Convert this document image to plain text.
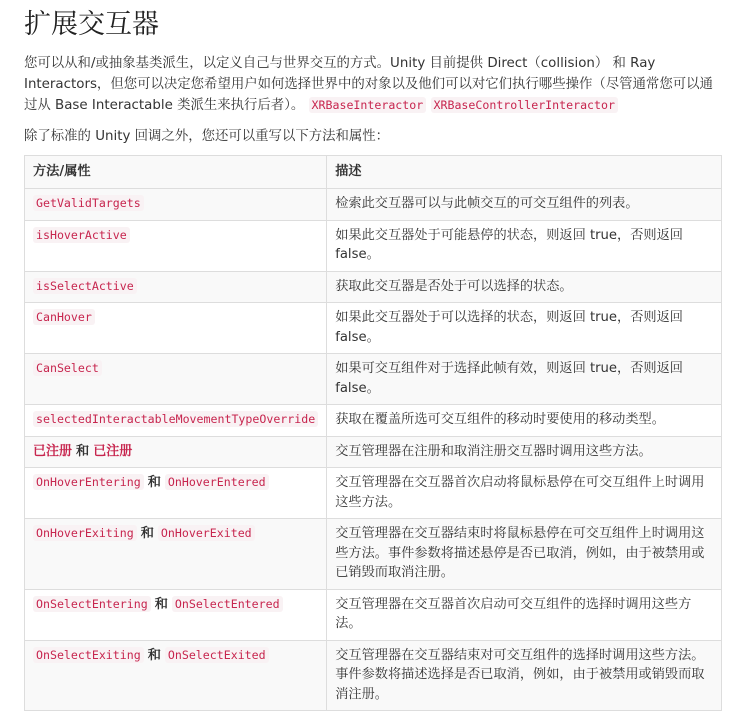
扩展交互器

您可以从和/或抽象基类派生，以定义自己与世界交互的方式。Unity 目前提供 Direct（collision） 和 Ray Interactors，但您可以决定您希望用户如何选择世界中的对象以及他们可以对它们执行哪些操作（尽管通常您可以通过从 Base Interactable 类派生来执行后者）。 XRBaseInteractor XRBaseControllerInteractor

除了标准的 Unity 回调之外，您还可以重写以下方法和属性：

方法/属性	描述
GetValidTargets	检索此交互器可以与此帧交互的可交互组件的列表。
isHoverActive	如果此交互器处于可能悬停的状态，则返回 true，否则返回 false。
isSelectActive	获取此交互器是否处于可以选择的状态。
CanHover	如果此交互器处于可以选择的状态，则返回 true，否则返回 false。
CanSelect	如果可交互组件对于选择此帧有效，则返回 true，否则返回 false。
selectedInteractableMovementTypeOverride	获取在覆盖所选可交互组件的移动时要使用的移动类型。
已注册 和 已注册	交互管理器在注册和取消注册交互器时调用这些方法。
OnHoverEntering 和 OnHoverEntered	交互管理器在交互器首次启动将鼠标悬停在可交互组件上时调用这些方法。
OnHoverExiting 和 OnHoverExited	交互管理器在交互器结束时将鼠标悬停在可交互组件上时调用这些方法。事件参数将描述悬停是否已取消，例如，由于被禁用或已销毁而取消注册。
OnSelectEntering 和 OnSelectEntered	交互管理器在交互器首次启动可交互组件的选择时调用这些方法。
OnSelectExiting 和 OnSelectExited	交互管理器在交互器结束对可交互组件的选择时调用这些方法。事件参数将描述选择是否已取消，例如，由于被禁用或销毁而取消注册。
